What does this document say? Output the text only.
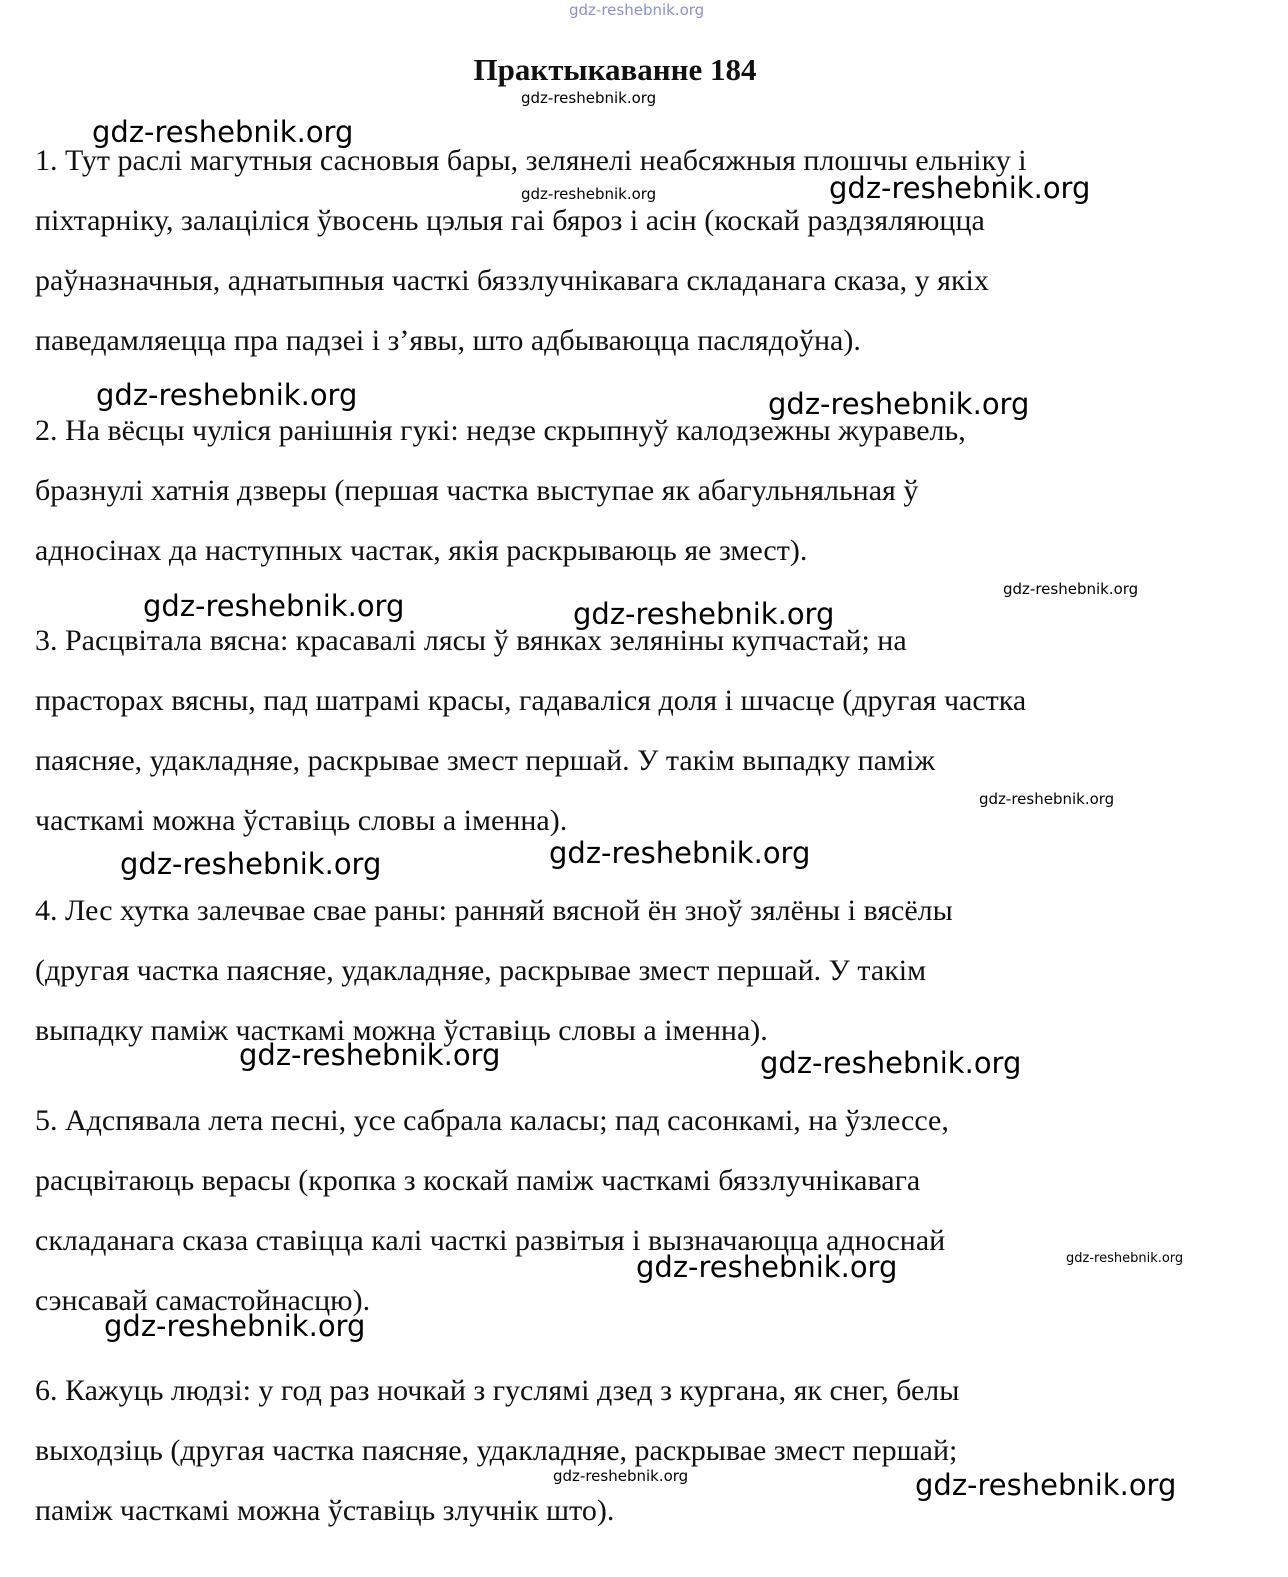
Практыкаванне 184
1. Тут раслі магутныя сасновыя бары, зелянелі неабсяжныя плошчы ельніку і
піхтарніку, залаціліся ўвосень цэлыя гаі бяроз і асін (коскай раздзяляюцца
раўназначныя, аднатыпныя часткі бяззлучнікавага складанага сказа, у якіх
паведамляецца пра падзеі і з’явы, што адбываюцца паслядоўна).
2. На вёсцы чуліся ранішнія гукі: недзе скрыпнуў калодзежны журавель,
бразнулі хатнія дзверы (першая частка выступае як абагульняльная ў
адносінах да наступных частак, якія раскрываюць яе змест).
3. Расцвітала вясна: красавалі лясы ў вянках зеляніны купчастай; на
прасторах вясны, пад шатрамі красы, гадаваліся доля і шчасце (другая частка
паясняе, удакладняе, раскрывае змест першай. У такім выпадку паміж
часткамі можна ўставіць словы а іменна).
4. Лес хутка залечвае свае раны: ранняй вясной ён зноў зялёны і вясёлы
(другая частка паясняе, удакладняе, раскрывае змест першай. У такім
выпадку паміж часткамі можна ўставіць словы а іменна).
5. Адспявала лета песні, усе сабрала каласы; пад сасонкамі, на ўзлессе,
расцвітаюць верасы (кропка з коскай паміж часткамі бяззлучнікавага
складанага сказа ставіцца калі часткі развітыя і вызначаюцца адноснай
сэнсавай самастойнасцю).
6. Кажуць людзі: у год раз ночкай з гуслямі дзед з кургана, як снег, белы
выходзіць (другая частка паясняе, удакладняе, раскрывае змест першай;
паміж часткамі можна ўставіць злучнік што).
gdz-reshebnik.org
gdz-reshebnik.org
gdz-reshebnik.org
gdz-reshebnik.org	gdz-reshebnik.org
gdz-reshebnik.org	gdz-reshebnik.org
gdz-reshebnik.org
gdz-reshebnik.org	gdz-reshebnik.org
gdz-reshebnik.org
gdz-reshebnik.org
gdz-reshebnik.org
gdz-reshebnik.org	gdz-reshebnik.org
gdz-reshebnik.org	gdz-reshebnik.org
gdz-reshebnik.org
gdz-reshebnik.org	gdz-reshebnik.org
